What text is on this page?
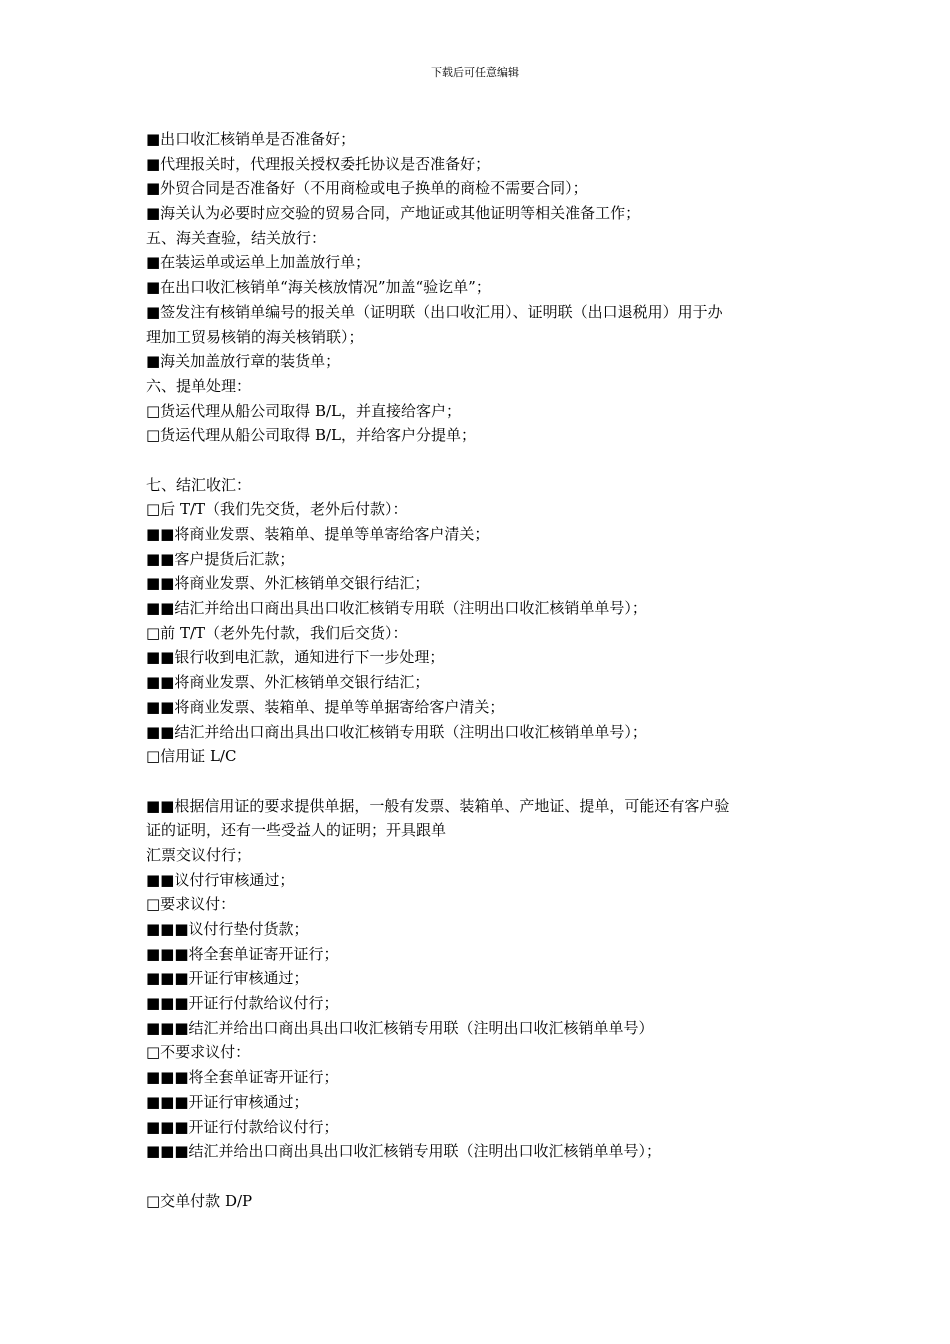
下载后可任意编辑
■出口收汇核销单是否准备好；
■代理报关时，代理报关授权委托协议是否准备好；
■外贸合同是否准备好（不用商检或电子换单的商检不需要合同）；
■海关认为必要时应交验的贸易合同，产地证或其他证明等相关准备工作；
五、海关查验，结关放行：
■在装运单或运单上加盖放行单；
■在出口收汇核销单“海关核放情况”加盖“验讫单”；
■签发注有核销单编号的报关单（证明联（出口收汇用）、证明联（出口退税用）用于办
理加工贸易核销的海关核销联）；
■海关加盖放行章的装货单；
六、提单处理：
□货运代理从船公司取得 B/L，并直接给客户；
□货运代理从船公司取得 B/L，并给客户分提单；
七、结汇收汇：
□后 T/T（我们先交货，老外后付款）：
■■将商业发票、装箱单、提单等单寄给客户清关；
■■客户提货后汇款；
■■将商业发票、外汇核销单交银行结汇；
■■结汇并给出口商出具出口收汇核销专用联（注明出口收汇核销单单号）；
□前 T/T（老外先付款，我们后交货）：
■■银行收到电汇款，通知进行下一步处理；
■■将商业发票、外汇核销单交银行结汇；
■■将商业发票、装箱单、提单等单据寄给客户清关；
■■结汇并给出口商出具出口收汇核销专用联（注明出口收汇核销单单号）；
□信用证 L/C
■■根据信用证的要求提供单据，一般有发票、装箱单、产地证、提单，可能还有客户验
证的证明，还有一些受益人的证明；开具跟单
汇票交议付行；
■■议付行审核通过；
□要求议付：
■■■议付行垫付货款；
■■■将全套单证寄开证行；
■■■开证行审核通过；
■■■开证行付款给议付行；
■■■结汇并给出口商出具出口收汇核销专用联（注明出口收汇核销单单号）
□不要求议付：
■■■将全套单证寄开证行；
■■■开证行审核通过；
■■■开证行付款给议付行；
■■■结汇并给出口商出具出口收汇核销专用联（注明出口收汇核销单单号）；
□交单付款 D/P
